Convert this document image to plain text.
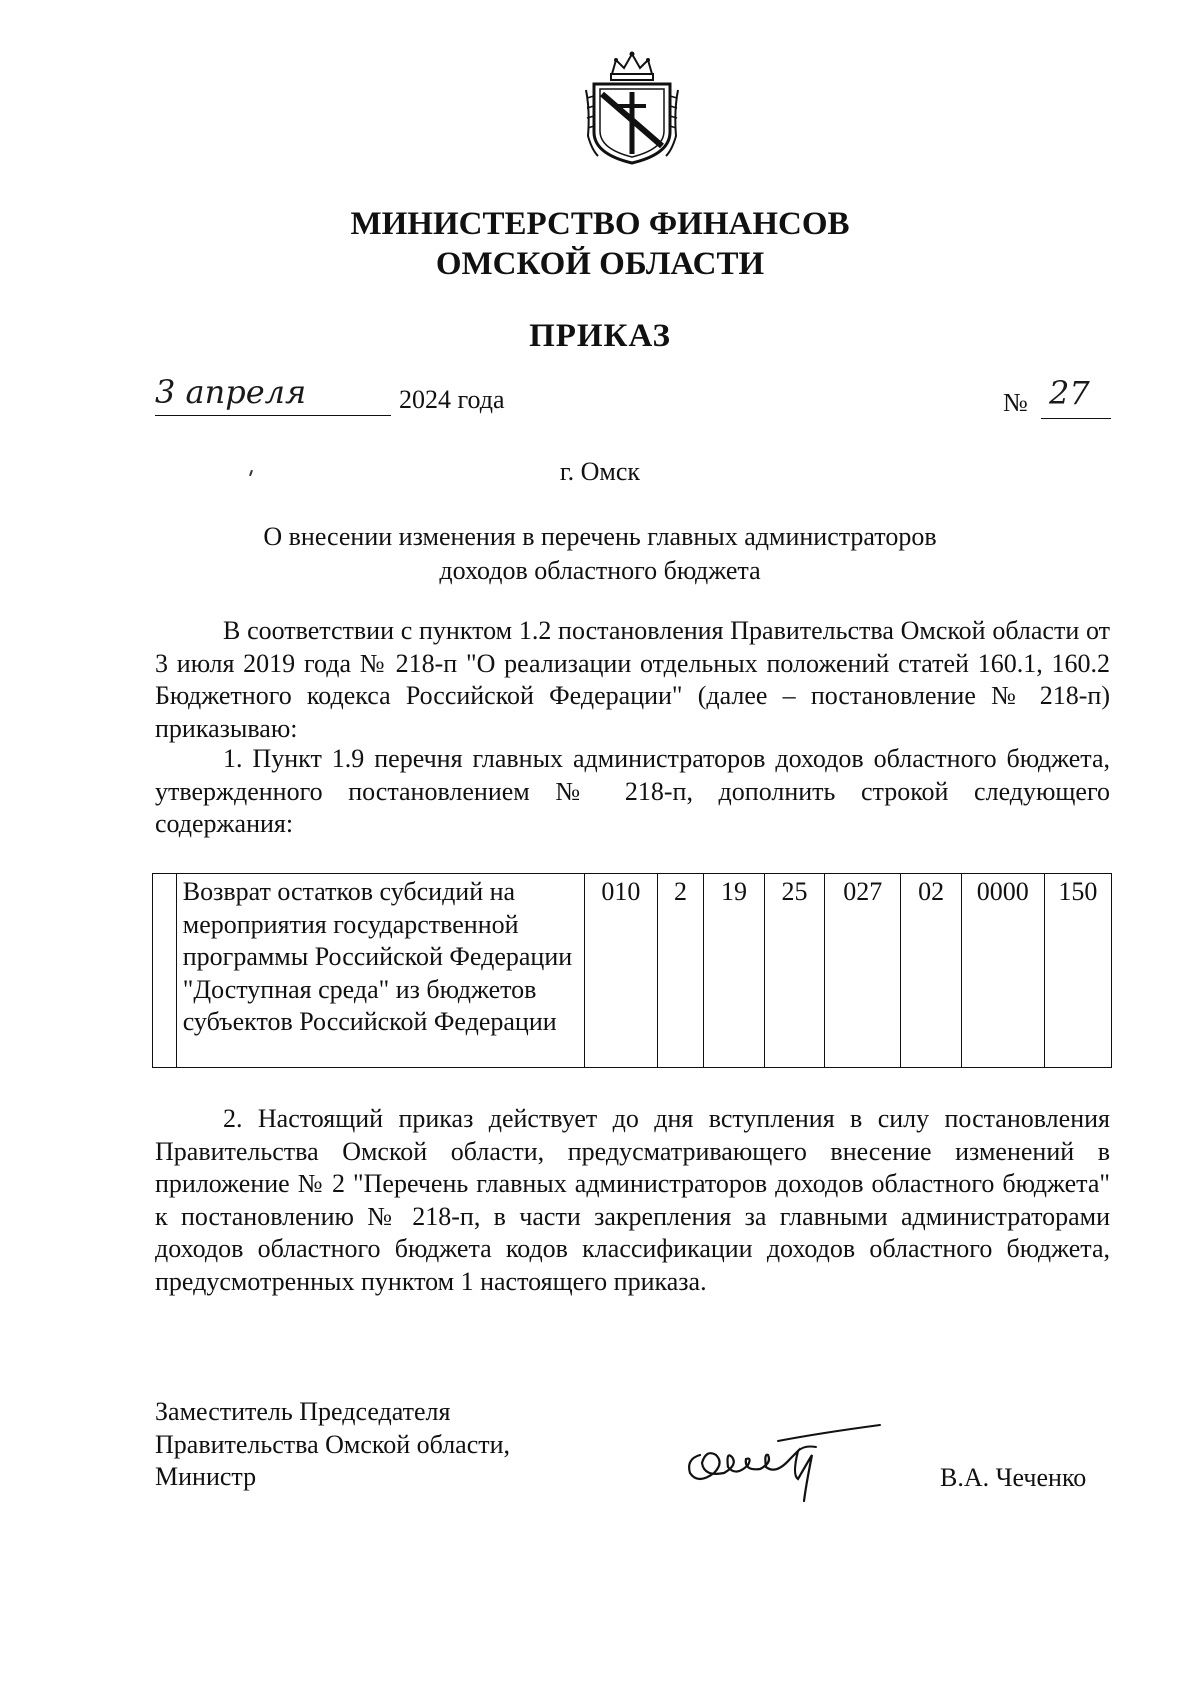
МИНИСТЕРСТВО ФИНАНСОВ
ОМСКОЙ ОБЛАСТИ
ПРИКАЗ
3 апреля	2024 года	№ 27
г. Омск
О внесении изменения в перечень главных администраторов
доходов областного бюджета

В соответствии с пунктом 1.2 постановления Правительства Омской области от 3 июля 2019 года № 218-п "О реализации отдельных положений статей 160.1, 160.2 Бюджетного кодекса Российской Федерации" (далее – постановление № 218-п) приказываю:

1. Пункт 1.9 перечня главных администраторов доходов областного бюджета, утвержденного постановлением № 218-п, дополнить строкой следующего содержания:

	Возврат остатков субсидий на мероприятия государственной программы Российской Федерации "Доступная среда" из бюджетов субъектов Российской Федерации	010	2	19	25	027	02	0000	150

2. Настоящий приказ действует до дня вступления в силу постановления Правительства Омской области, предусматривающего внесение изменений в приложение № 2 "Перечень главных администраторов доходов областного бюджета" к постановлению № 218-п, в части закрепления за главными администраторами доходов областного бюджета кодов классификации доходов областного бюджета, предусмотренных пунктом 1 настоящего приказа.

Заместитель Председателя
Правительства Омской области,
Министр	В.А. Чеченко
